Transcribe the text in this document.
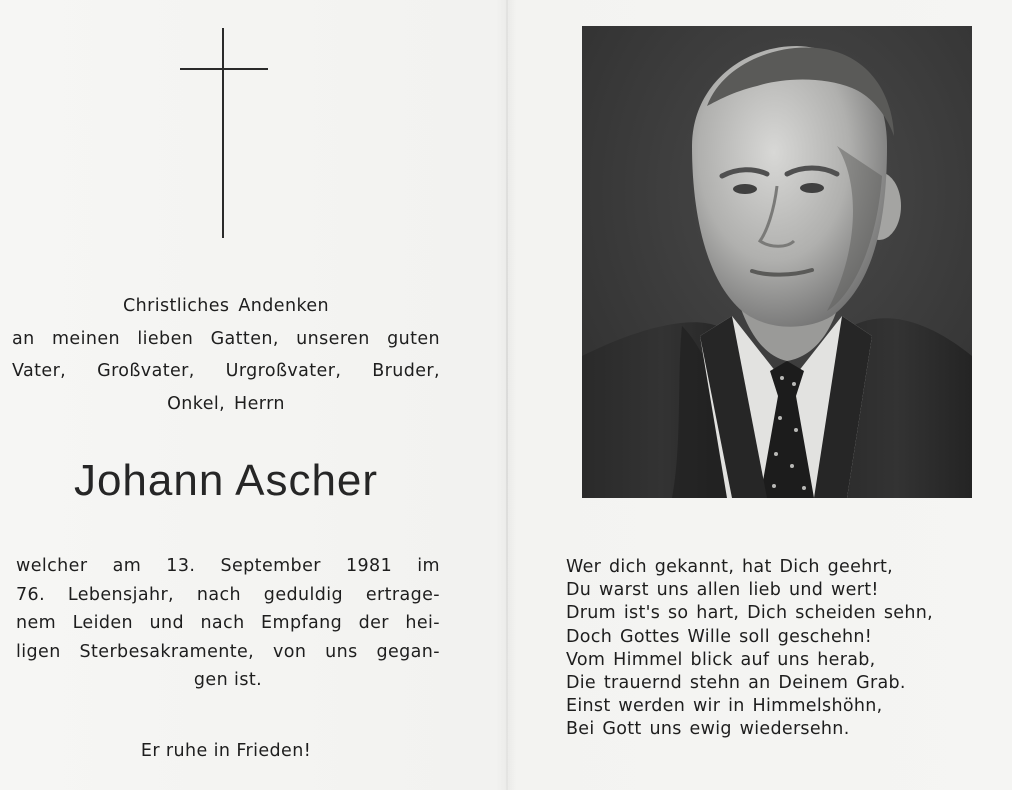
Christliches Andenken
an meinen lieben Gatten, unseren guten
Vater, Großvater, Urgroßvater, Bruder,
Onkel, Herrn
Johann Ascher
welcher am 13. September 1981 im
76. Lebensjahr, nach geduldig ertrage-
nem Leiden und nach Empfang der hei-
ligen Sterbesakramente, von uns gegan-
gen ist.
Er ruhe in Frieden!
Wer dich gekannt, hat Dich geehrt,
Du warst uns allen lieb und wert!
Drum ist's so hart, Dich scheiden sehn,
Doch Gottes Wille soll geschehn!
Vom Himmel blick auf uns herab,
Die trauernd stehn an Deinem Grab.
Einst werden wir in Himmelshöhn,
Bei Gott uns ewig wiedersehn.
